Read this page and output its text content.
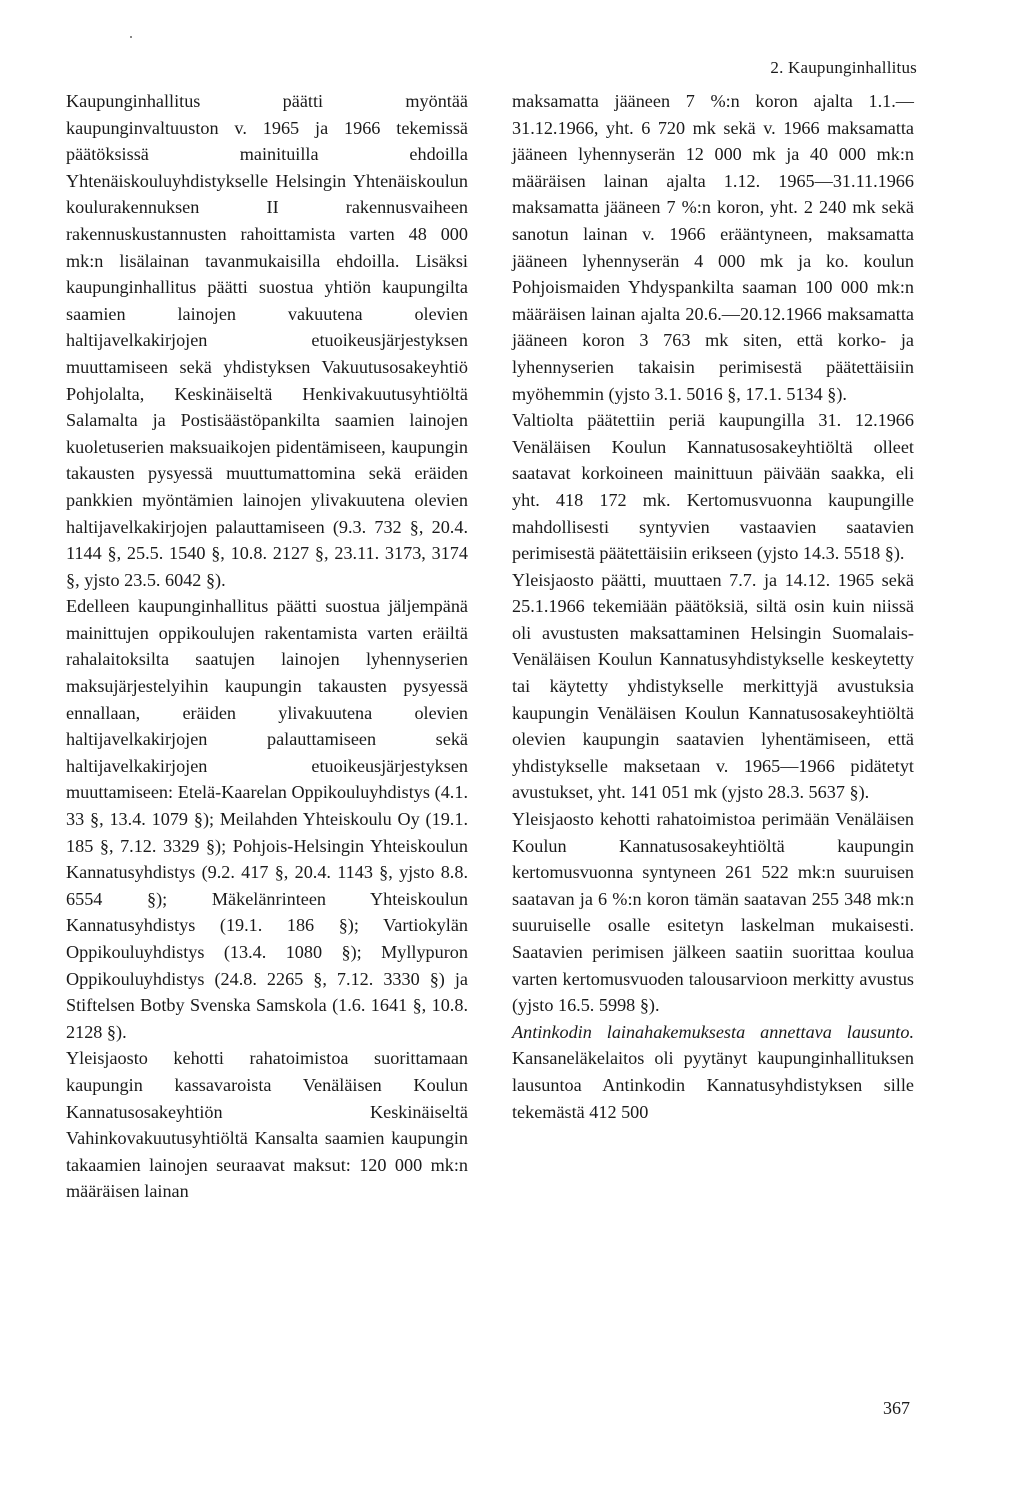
2. Kaupunginhallitus

Kaupunginhallitus päätti myöntää kaupunginvaltuuston v. 1965 ja 1966 tekemissä päätöksissä mainituilla ehdoilla Yhtenäiskouluyhdistykselle Helsingin Yhtenäiskoulun koulurakennuksen II rakennusvaiheen rakennuskustannusten rahoittamista varten 48 000 mk:n lisälainan tavanmukaisilla ehdoilla. Lisäksi kaupunginhallitus päätti suostua yhtiön kaupungilta saamien lainojen vakuutena olevien haltijavelkakirjojen etuoikeusjärjestyksen muuttamiseen sekä yhdistyksen Vakuutusosakeyhtiö Pohjolalta, Keskinäiseltä Henkivakuutusyhtiöltä Salamalta ja Postisäästöpankilta saamien lainojen kuoletuserien maksuaikojen pidentämiseen, kaupungin takausten pysyessä muuttumattomina sekä eräiden pankkien myöntämien lainojen ylivakuutena olevien haltijavelkakirjojen palauttamiseen (9.3. 732 §, 20.4. 1144 §, 25.5. 1540 §, 10.8. 2127 §, 23.11. 3173, 3174 §, yjsto 23.5. 6042 §).

Edelleen kaupunginhallitus päätti suostua jäljempänä mainittujen oppikoulujen rakentamista varten eräiltä rahalaitoksilta saatujen lainojen lyhennyserien maksujärjestelyihin kaupungin takausten pysyessä ennallaan, eräiden ylivakuutena olevien haltijavelkakirjojen palauttamiseen sekä haltijavelkakirjojen etuoikeusjärjestyksen muuttamiseen: Etelä-Kaarelan Oppikouluyhdistys (4.1. 33 §, 13.4. 1079 §); Meilahden Yhteiskoulu Oy (19.1. 185 §, 7.12. 3329 §); Pohjois-Helsingin Yhteiskoulun Kannatusyhdistys (9.2. 417 §, 20.4. 1143 §, yjsto 8.8. 6554 §); Mäkelänrinteen Yhteiskoulun Kannatusyhdistys (19.1. 186 §); Vartiokylän Oppikouluyhdistys (13.4. 1080 §); Myllypuron Oppikouluyhdistys (24.8. 2265 §, 7.12. 3330 §) ja Stiftelsen Botby Svenska Samskola (1.6. 1641 §, 10.8. 2128 §).

Yleisjaosto kehotti rahatoimistoa suorittamaan kaupungin kassavaroista Venäläisen Koulun Kannatusosakeyhtiön Keskinäiseltä Vahinkovakuutusyhtiöltä Kansalta saamien kaupungin takaamien lainojen seuraavat maksut: 120 000 mk:n määräisen lainan

maksamatta jääneen 7 %:n koron ajalta 1.1.—31.12.1966, yht. 6 720 mk sekä v. 1966 maksamatta jääneen lyhennyserän 12 000 mk ja 40 000 mk:n määräisen lainan ajalta 1.12. 1965—31.11.1966 maksamatta jääneen 7 %:n koron, yht. 2 240 mk sekä sanotun lainan v. 1966 erääntyneen, maksamatta jääneen lyhennyserän 4 000 mk ja ko. koulun Pohjoismaiden Yhdyspankilta saaman 100 000 mk:n määräisen lainan ajalta 20.6.—20.12.1966 maksamatta jääneen koron 3 763 mk siten, että korko- ja lyhennyserien takaisin perimisestä päätettäisiin myöhemmin (yjsto 3.1. 5016 §, 17.1. 5134 §).

Valtiolta päätettiin periä kaupungilla 31. 12.1966 Venäläisen Koulun Kannatusosakeyhtiöltä olleet saatavat korkoineen mainittuun päivään saakka, eli yht. 418 172 mk. Kertomusvuonna kaupungille mahdollisesti syntyvien vastaavien saatavien perimisestä päätettäisiin erikseen (yjsto 14.3. 5518 §).

Yleisjaosto päätti, muuttaen 7.7. ja 14.12. 1965 sekä 25.1.1966 tekemiään päätöksiä, siltä osin kuin niissä oli avustusten maksattaminen Helsingin Suomalais-Venäläisen Koulun Kannatusyhdistykselle keskeytetty tai käytetty yhdistykselle merkittyjä avustuksia kaupungin Venäläisen Koulun Kannatusosakeyhtiöltä olevien kaupungin saatavien lyhentämiseen, että yhdistykselle maksetaan v. 1965—1966 pidätetyt avustukset, yht. 141 051 mk (yjsto 28.3. 5637 §).

Yleisjaosto kehotti rahatoimistoa perimään Venäläisen Koulun Kannatusosakeyhtiöltä kaupungin kertomusvuonna syntyneen 261 522 mk:n suuruisen saatavan ja 6 %:n koron tämän saatavan 255 348 mk:n suuruiselle osalle esitetyn laskelman mukaisesti. Saatavien perimisen jälkeen saatiin suorittaa koulua varten kertomusvuoden talousarvioon merkitty avustus (yjsto 16.5. 5998 §).

Antinkodin lainahakemuksesta annettava lausunto. Kansaneläkelaitos oli pyytänyt kaupunginhallituksen lausuntoa Antinkodin Kannatusyhdistyksen sille tekemästä 412 500

367
